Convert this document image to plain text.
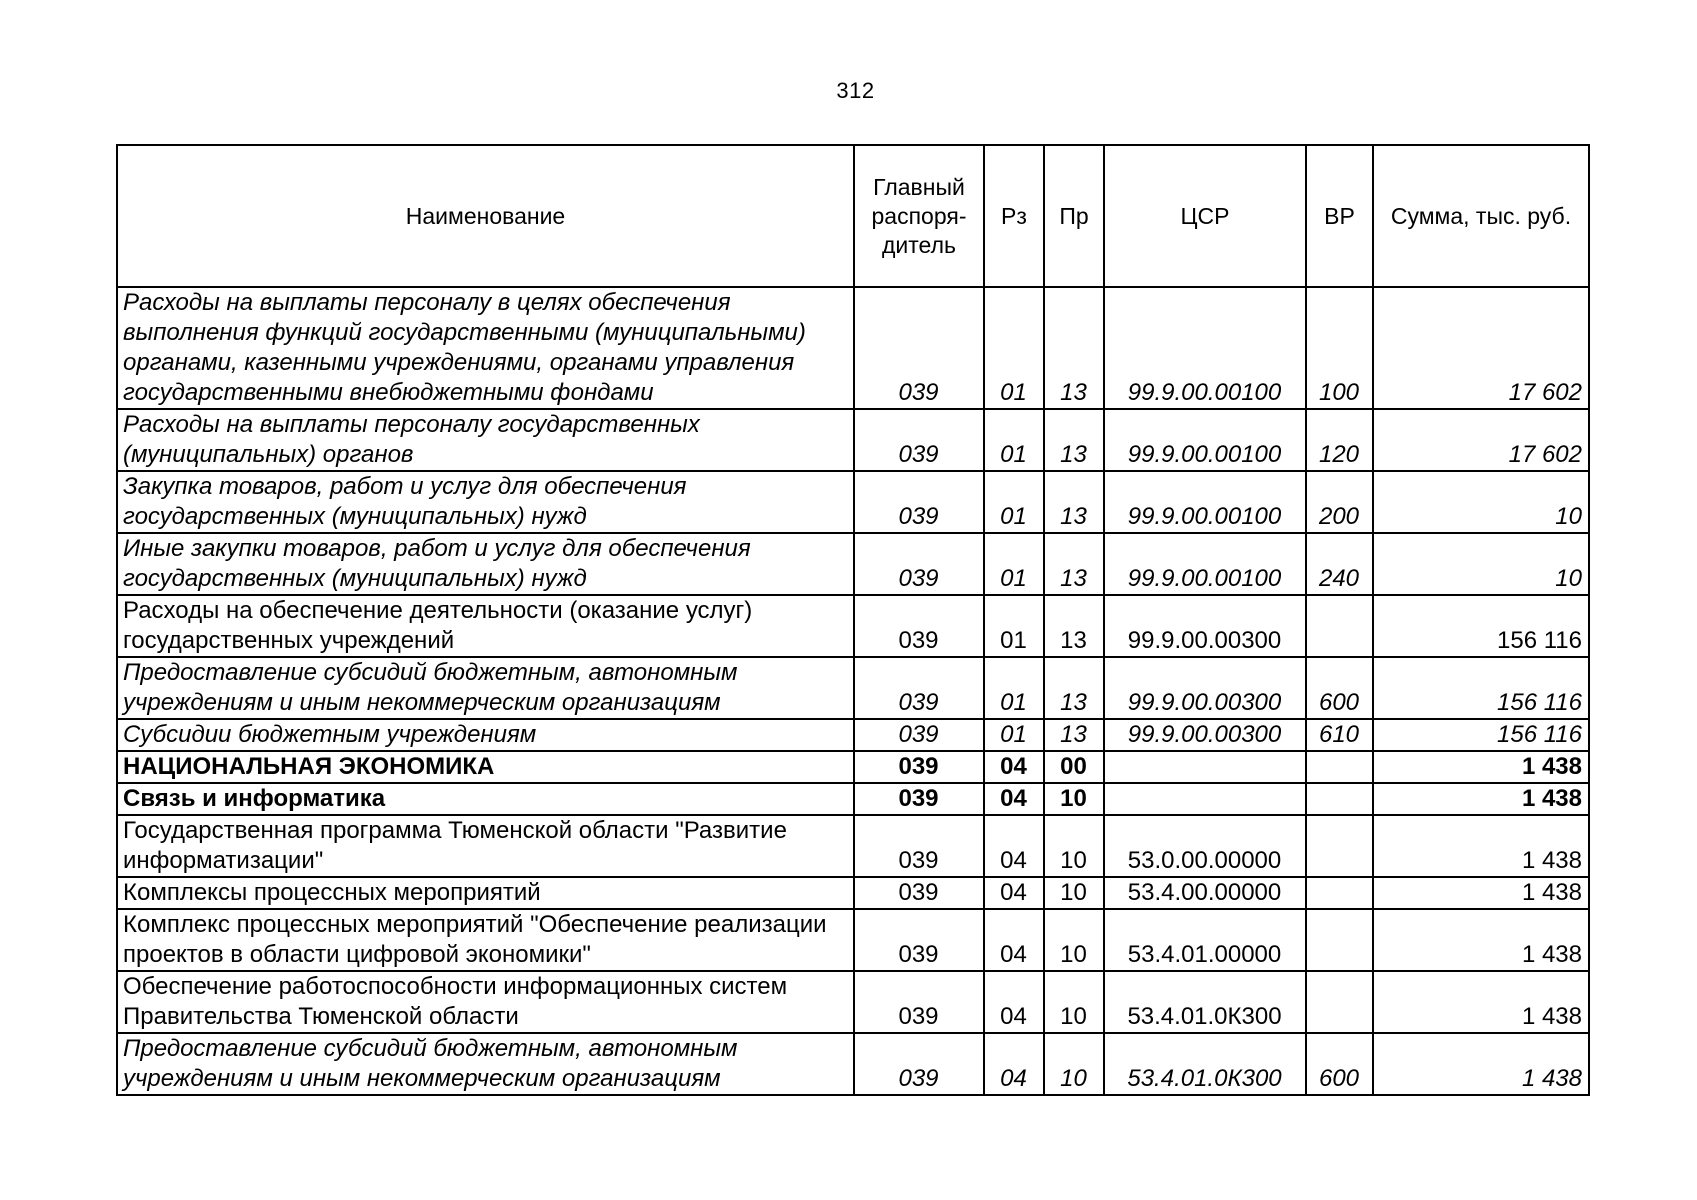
312
Наименование	Главный распоря-дитель	Рз	Пр	ЦСР	ВР	Сумма, тыс. руб.
Расходы на выплаты персоналу в целях обеспечения выполнения функций государственными (муниципальными) органами, казенными учреждениями, органами управления государственными внебюджетными фондами	039	01	13	99.9.00.00100	100	17 602
Расходы на выплаты персоналу государственных (муниципальных) органов	039	01	13	99.9.00.00100	120	17 602
Закупка товаров, работ и услуг для обеспечения государственных (муниципальных) нужд	039	01	13	99.9.00.00100	200	10
Иные закупки товаров, работ и услуг для обеспечения государственных (муниципальных) нужд	039	01	13	99.9.00.00100	240	10
Расходы на обеспечение деятельности (оказание услуг) государственных учреждений	039	01	13	99.9.00.00300		156 116
Предоставление субсидий бюджетным, автономным учреждениям и иным некоммерческим организациям	039	01	13	99.9.00.00300	600	156 116
Субсидии бюджетным учреждениям	039	01	13	99.9.00.00300	610	156 116
НАЦИОНАЛЬНАЯ ЭКОНОМИКА	039	04	00			1 438
Связь и информатика	039	04	10			1 438
Государственная программа Тюменской области "Развитие информатизации"	039	04	10	53.0.00.00000		1 438
Комплексы процессных мероприятий	039	04	10	53.4.00.00000		1 438
Комплекс процессных мероприятий "Обеспечение реализации проектов в области цифровой экономики"	039	04	10	53.4.01.00000		1 438
Обеспечение работоспособности информационных систем Правительства Тюменской области	039	04	10	53.4.01.0К300		1 438
Предоставление субсидий бюджетным, автономным учреждениям и иным некоммерческим организациям	039	04	10	53.4.01.0К300	600	1 438
